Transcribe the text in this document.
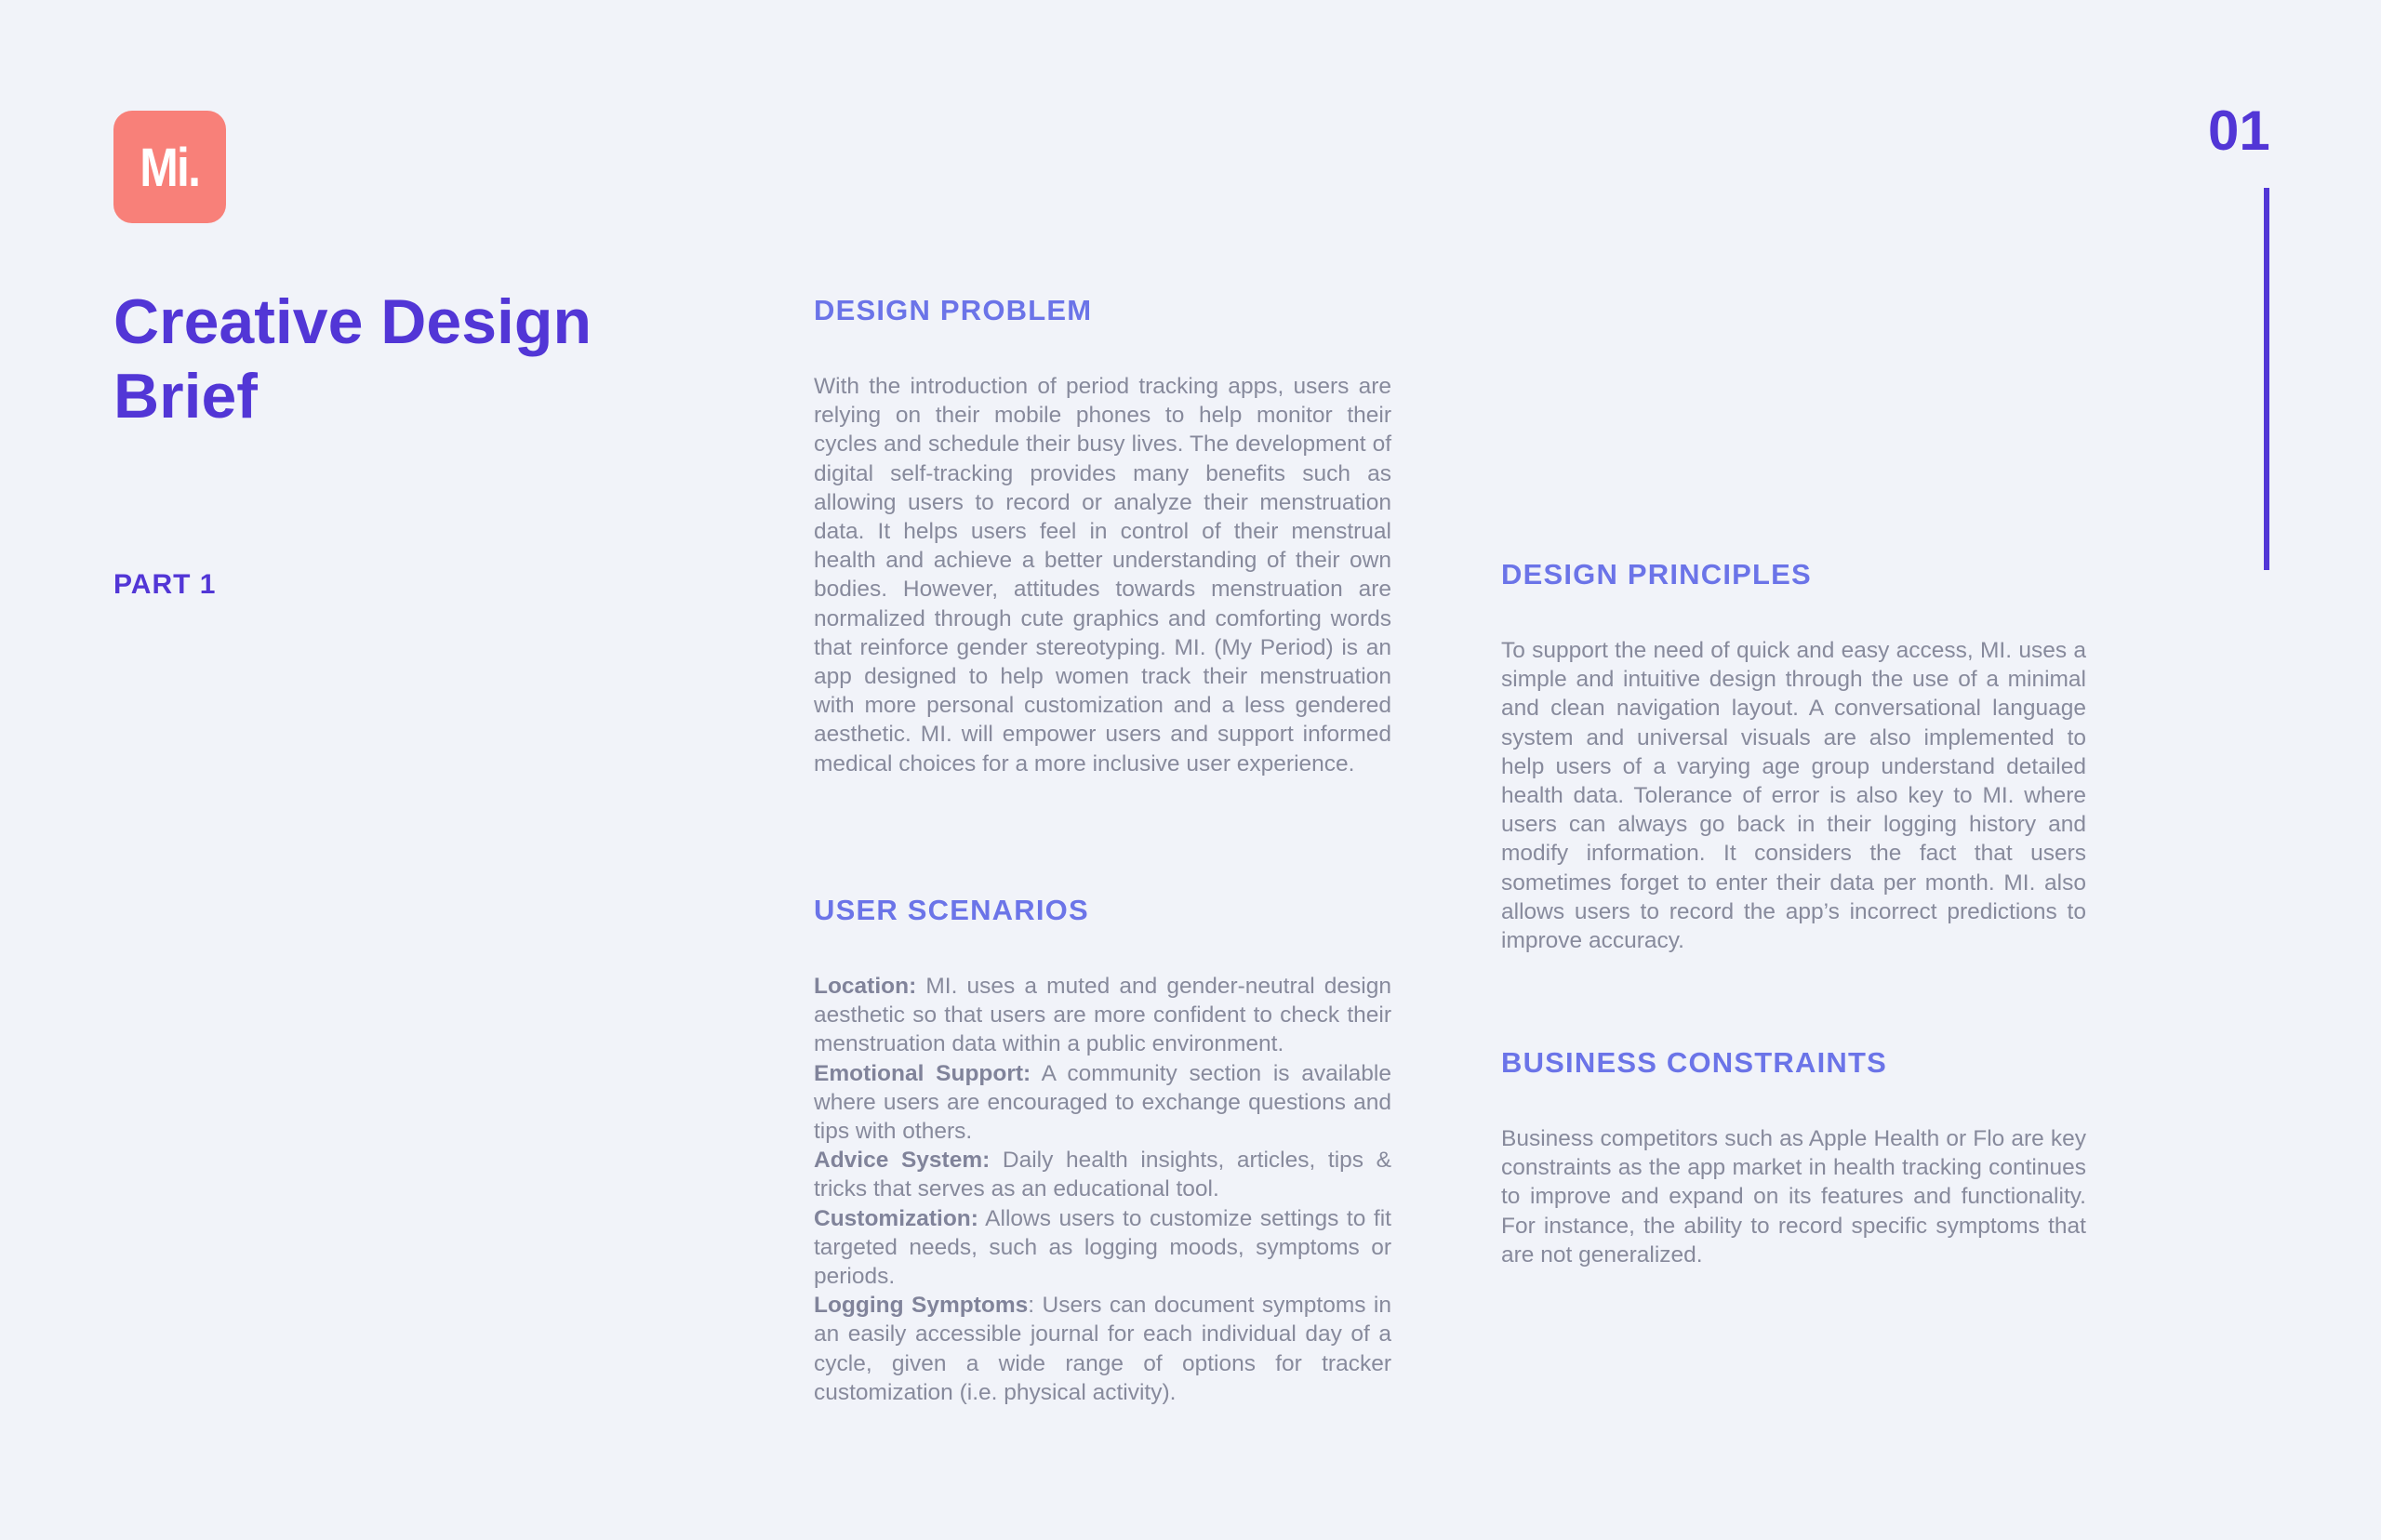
Mi.
Creative Design Brief
PART 1
01
DESIGN PROBLEM

With the introduction of period tracking apps, users are relying on their mobile phones to help monitor their cycles and schedule their busy lives. The development of digital self-tracking provides many benefits such as allowing users to record or analyze their menstruation data. It helps users feel in control of their menstrual health and achieve a better understanding of their own bodies. However, attitudes towards menstruation are normalized through cute graphics and comforting words that reinforce gender stereotyping. MI. (My Period) is an app designed to help women track their menstruation with more personal customization and a less gendered aesthetic. MI. will empower users and support informed medical choices for a more inclusive user experience.

USER SCENARIOS

Location: MI. uses a muted and gender-neutral design aesthetic so that users are more confident to check their menstruation data within a public environment.

Emotional Support: A community section is available where users are encouraged to exchange questions and tips with others.

Advice System: Daily health insights, articles, tips & tricks that serves as an educational tool.

Customization: Allows users to customize settings to fit targeted needs, such as logging moods, symptoms or periods.

Logging Symptoms: Users can document symptoms in an easily accessible journal for each individual day of a cycle, given a wide range of options for tracker customization (i.e. physical activity).

DESIGN PRINCIPLES

To support the need of quick and easy access, MI. uses a simple and intuitive design through the use of a minimal and clean navigation layout. A conversational language system and universal visuals are also implemented to help users of a varying age group understand detailed health data. Tolerance of error is also key to MI. where users can always go back in their logging history and modify information. It considers the fact that users sometimes forget to enter their data per month. MI. also allows users to record the app’s incorrect predictions to improve accuracy.

BUSINESS CONSTRAINTS

Business competitors such as Apple Health or Flo are key constraints as the app market in health tracking continues to improve and expand on its features and functionality. For instance, the ability to record specific symptoms that are not generalized.
